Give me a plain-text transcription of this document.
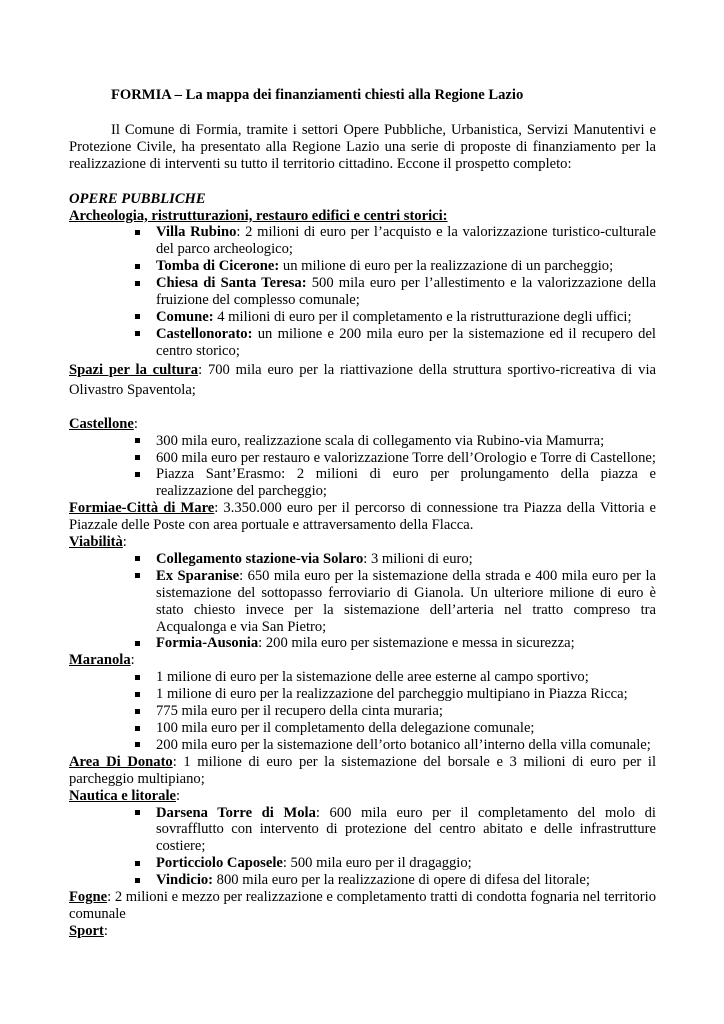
FORMIA – La mappa dei finanziamenti chiesti alla Regione Lazio

Il Comune di Formia, tramite i settori Opere Pubbliche, Urbanistica, Servizi Manutentivi e Protezione Civile, ha presentato alla Regione Lazio una serie di proposte di finanziamento per la realizzazione di interventi su tutto il territorio cittadino. Eccone il prospetto completo:

OPERE PUBBLICHE

Archeologia, ristrutturazioni, restauro edifici e centri storici:

Villa Rubino: 2 milioni di euro per l’acquisto e la valorizzazione turistico-culturale del parco archeologico;
Tomba di Cicerone: un milione di euro per la realizzazione di un parcheggio;
Chiesa di Santa Teresa: 500 mila euro per l’allestimento e la valorizzazione della fruizione del complesso comunale;
Comune: 4 milioni di euro per il completamento e la ristrutturazione degli uffici;
Castellonorato: un milione e 200 mila euro per la sistemazione ed il recupero del centro storico;

Spazi per la cultura: 700 mila euro per la riattivazione della struttura sportivo-ricreativa di via Olivastro Spaventola;

Castellone:

300 mila euro, realizzazione scala di collegamento via Rubino-via Mamurra;
600 mila euro per restauro e valorizzazione Torre dell’Orologio e Torre di Castellone;
Piazza Sant’Erasmo: 2 milioni di euro per prolungamento della piazza e realizzazione del parcheggio;

Formiae-Città di Mare: 3.350.000 euro per il percorso di connessione tra Piazza della Vittoria e Piazzale delle Poste con area portuale e attraversamento della Flacca.

Viabilità:

Collegamento stazione-via Solaro: 3 milioni di euro;
Ex Sparanise: 650 mila euro per la sistemazione della strada e 400 mila euro per la sistemazione del sottopasso ferroviario di Gianola. Un ulteriore milione di euro è stato chiesto invece per la sistemazione dell’arteria nel tratto compreso tra Acqualonga e via San Pietro;
Formia-Ausonia: 200 mila euro per sistemazione e messa in sicurezza;

Maranola:

1 milione di euro per la sistemazione delle aree esterne al campo sportivo;
1 milione di euro per la realizzazione del parcheggio multipiano in Piazza Ricca;
775 mila euro per il recupero della cinta muraria;
100 mila euro per il completamento della delegazione comunale;
200 mila euro per la sistemazione dell’orto botanico all’interno della villa comunale;

Area Di Donato: 1 milione di euro per la sistemazione del borsale e 3 milioni di euro per il parcheggio multipiano;

Nautica e litorale:

Darsena Torre di Mola: 600 mila euro per il completamento del molo di sovrafflutto con intervento di protezione del centro abitato e delle infrastrutture costiere;
Porticciolo Caposele: 500 mila euro per il dragaggio;
Vindicio: 800 mila euro per la realizzazione di opere di difesa del litorale;

Fogne: 2 milioni e mezzo per realizzazione e completamento tratti di condotta fognaria nel territorio comunale

Sport:
